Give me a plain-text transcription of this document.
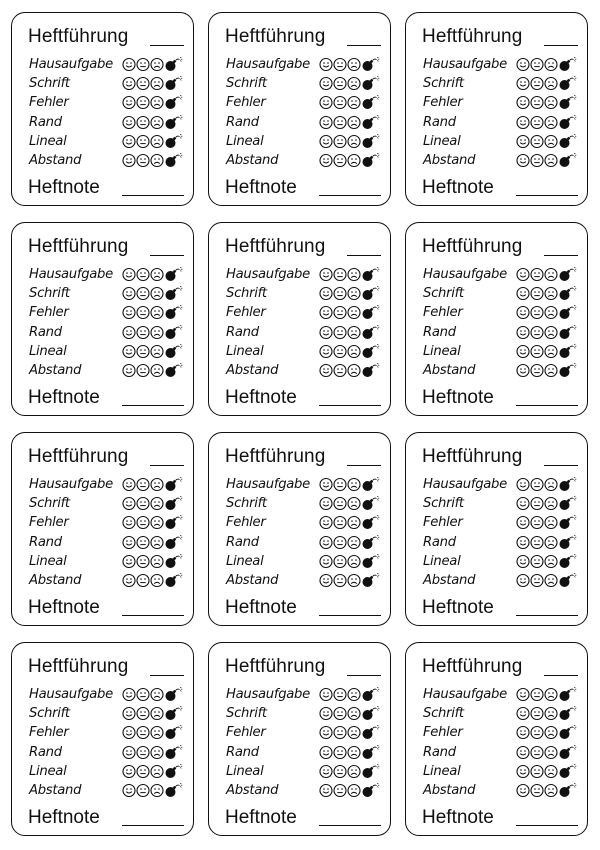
Heftführung
Hausaufgabe
Schrift
Fehler
Rand
Lineal
Abstand
Heftnote
Heftführung
Hausaufgabe
Schrift
Fehler
Rand
Lineal
Abstand
Heftnote
Heftführung
Hausaufgabe
Schrift
Fehler
Rand
Lineal
Abstand
Heftnote
Heftführung
Hausaufgabe
Schrift
Fehler
Rand
Lineal
Abstand
Heftnote
Heftführung
Hausaufgabe
Schrift
Fehler
Rand
Lineal
Abstand
Heftnote
Heftführung
Hausaufgabe
Schrift
Fehler
Rand
Lineal
Abstand
Heftnote
Heftführung
Hausaufgabe
Schrift
Fehler
Rand
Lineal
Abstand
Heftnote
Heftführung
Hausaufgabe
Schrift
Fehler
Rand
Lineal
Abstand
Heftnote
Heftführung
Hausaufgabe
Schrift
Fehler
Rand
Lineal
Abstand
Heftnote
Heftführung
Hausaufgabe
Schrift
Fehler
Rand
Lineal
Abstand
Heftnote
Heftführung
Hausaufgabe
Schrift
Fehler
Rand
Lineal
Abstand
Heftnote
Heftführung
Hausaufgabe
Schrift
Fehler
Rand
Lineal
Abstand
Heftnote
